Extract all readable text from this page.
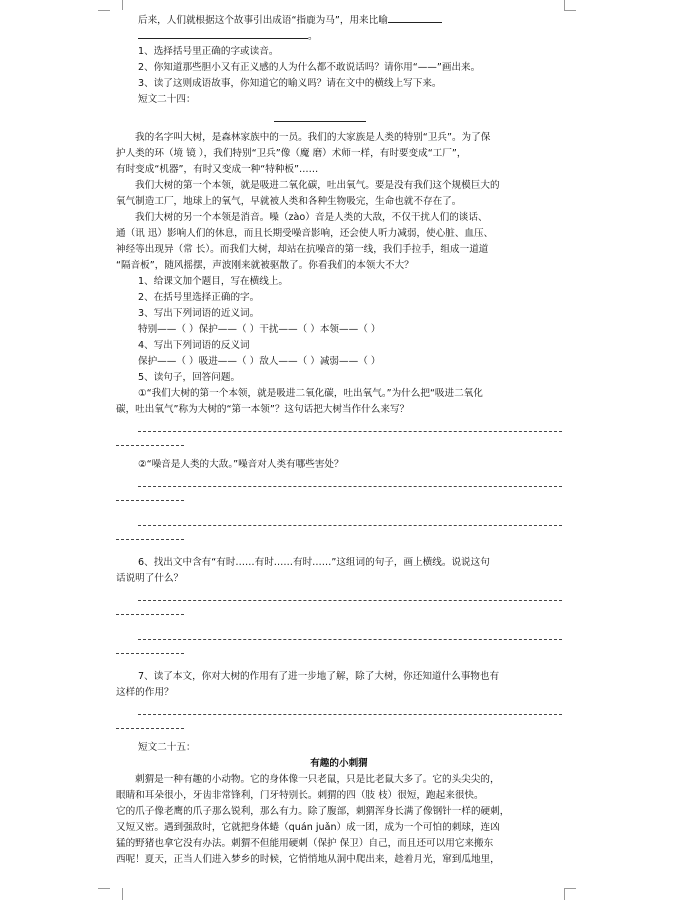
后来，人们就根据这个故事引出成语“指鹿为马”，用来比喻
。
1、选择括号里正确的字或读音。
2、你知道那些胆小又有正义感的人为什么都不敢说话吗？请你用“——”画出来。
3、读了这则成语故事，你知道它的喻义吗？请在文中的横线上写下来。
短文二十四：
我的名字叫大树，是森林家族中的一员。我们的大家族是人类的特别“卫兵”。为了保
护人类的环（境 镜 ），我们特别“卫兵”像（魔 磨）术师一样，有时要变成“工厂”，
有时变成“机器”，有时又变成一种“特种板”……
我们大树的第一个本领，就是吸进二氧化碳，吐出氧气。要是没有我们这个规模巨大的
氧气制造工厂，地球上的氧气，早就被人类和各种生物吸完，生命也就不存在了。
我们大树的另一个本领是消音。噪（zào）音是人类的大敌，不仅干扰人们的谈话、
通（讯 迅）影响人们的休息，而且长期受噪音影响，还会使人听力减弱，使心脏、血压、
神经等出现异（常 长）。而我们大树，却站在抗噪音的第一线，我们手拉手，组成一道道
“隔音板”，随风摇摆，声波刚来就被驱散了。你看我们的本领大不大？
1、给课文加个题目，写在横线上。
2、在括号里选择正确的字。
3、写出下列词语的近义词。
特别——（ ）保护——（ ）干扰——（ ）本领——（ ）
4、写出下列词语的反义词
保护——（ ）吸进——（ ）敌人——（ ）减弱——（ ）
5、读句子，回答问题。
①“我们大树的第一个本领，就是吸进二氧化碳，吐出氧气。”为什么把“吸进二氧化
碳，吐出氧气”称为大树的“第一本领”？这句话把大树当作什么来写？
②“噪音是人类的大敌。”噪音对人类有哪些害处？
6、找出文中含有“有时……有时……有时……”这组词的句子，画上横线。说说这句
话说明了什么？
7、读了本文，你对大树的作用有了进一步地了解，除了大树，你还知道什么事物也有
这样的作用？
短文二十五：
有趣的小刺猬
刺猬是一种有趣的小动物。它的身体像一只老鼠，只是比老鼠大多了。它的头尖尖的，
眼睛和耳朵很小，牙齿非常锋利，门牙特别长。刺猬的四（肢 枝）很短，跑起来很快。
它的爪子像老鹰的爪子那么锐利，那么有力。除了腹部，刺猬浑身长满了像钢针一样的硬刺，
又短又密。遇到强敌时，它就把身体蜷（quán juǎn）成一团，成为一个可怕的刺球，连凶
猛的野猪也拿它没有办法。刺猬不但能用硬刺（保护 保卫）自己，而且还可以用它来搬东
西呢！夏天，正当人们进入梦乡的时候，它悄悄地从洞中爬出来，趁着月光，窜到瓜地里，
